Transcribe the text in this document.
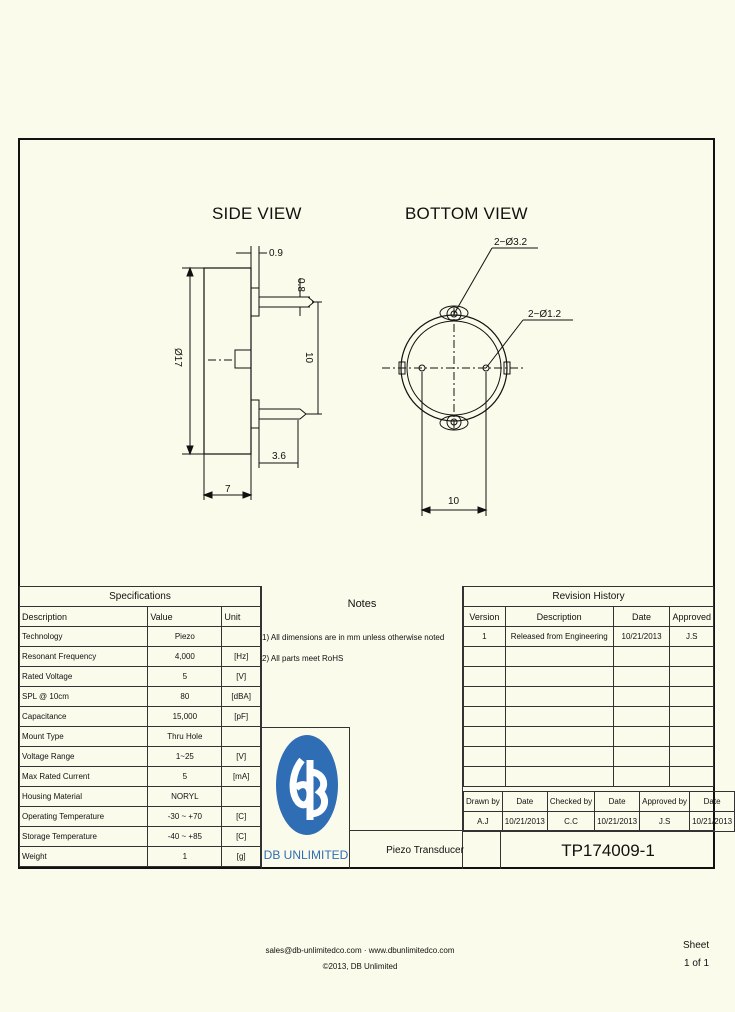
0.9
0.8
Ø17	10
3.6
7
2−Ø3.2
2−Ø1.2
10
SIDE VIEW	BOTTOM VIEW
Specifications		
Description	Value	Unit
Technology	Piezo	
Resonant Frequency	4,000	[Hz]
Rated Voltage	5	[V]
SPL @ 10cm	80	[dBA]
Capacitance	15,000	[pF]
Mount Type	Thru Hole	
Voltage Range	1~25	[V]
Max Rated Current	5	[mA]
Housing Material	NORYL	
Operating Temperature	-30 ~ +70	[C]
Storage Temperature	-40 ~ +85	[C]
Weight	1	[g]
Notes
1) All dimensions are in mm unless otherwise noted
2) All parts meet RoHS
Revision History			
Version	Description	Date	Approved
1	Released from Engineering	10/21/2013	J.S

Drawn by	Date	Checked by	Date	Approved by	Date
A.J	10/21/2013	C.C	10/21/2013	J.S	10/21/2013
DB UNLIMITED	Piezo Transducer	TP174009-1
sales@db-unlimitedco.com · www.dbunlimitedco.com
©2013, DB Unlimited
Sheet
1 of 1
